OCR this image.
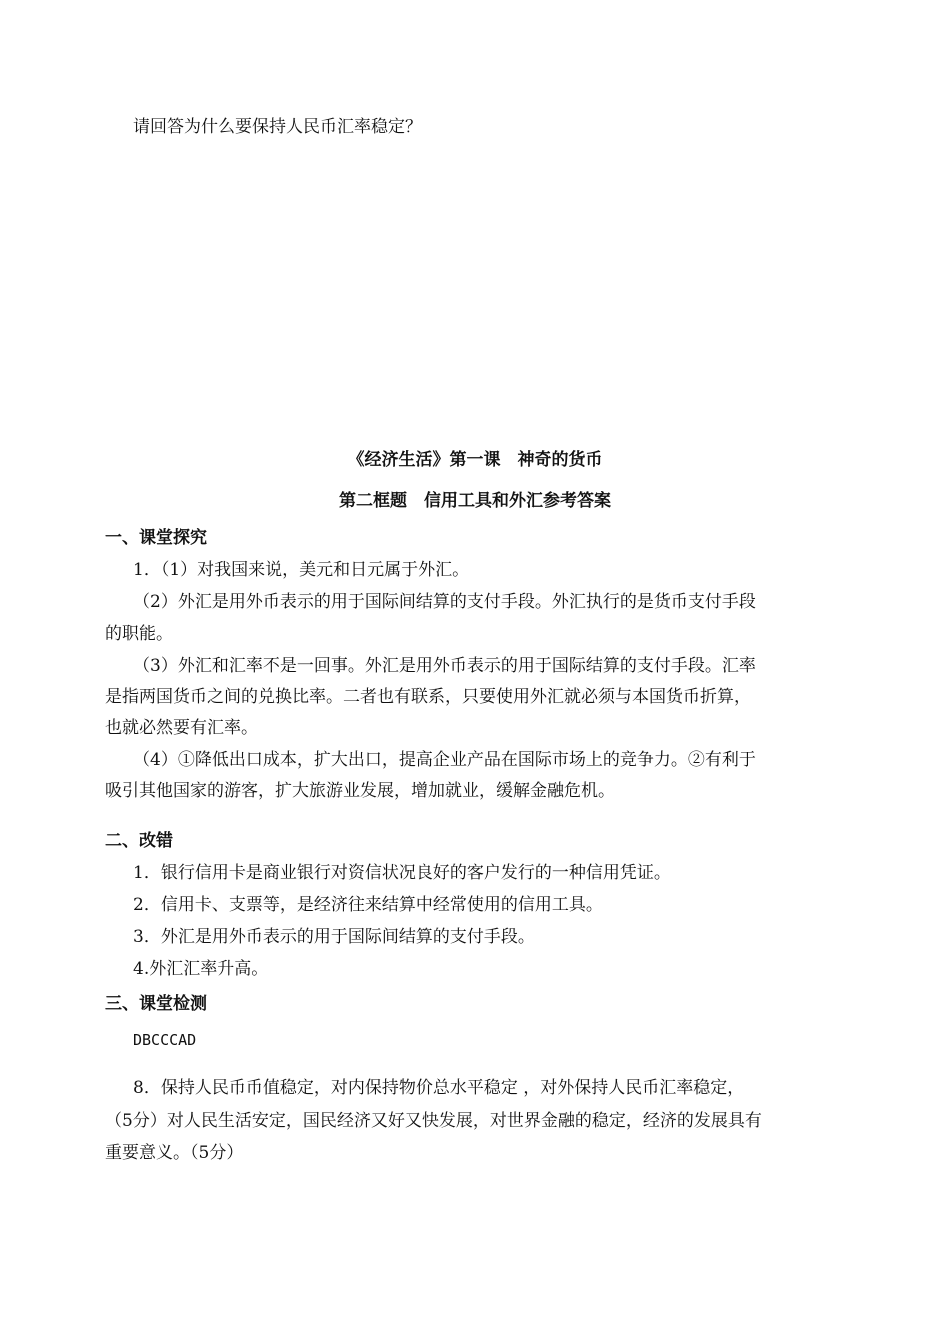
请回答为什么要保持人民币汇率稳定？
《经济生活》第一课　神奇的货币
第二框题　信用工具和外汇参考答案
一、课堂探究
1．（1）对我国来说，美元和日元属于外汇。
（2）外汇是用外币表示的用于国际间结算的支付手段。外汇执行的是货币支付手段
的职能。
（3）外汇和汇率不是一回事。外汇是用外币表示的用于国际结算的支付手段。汇率
是指两国货币之间的兑换比率。二者也有联系，只要使用外汇就必须与本国货币折算，
也就必然要有汇率。
（4）①降低出口成本，扩大出口，提高企业产品在国际市场上的竞争力。②有利于
吸引其他国家的游客，扩大旅游业发展，增加就业，缓解金融危机。
二、改错
1．银行信用卡是商业银行对资信状况良好的客户发行的一种信用凭证。
2．信用卡、支票等，是经济往来结算中经常使用的信用工具。
3．外汇是用外币表示的用于国际间结算的支付手段。
4.外汇汇率升高。
三、课堂检测
DBCCCAD
8．保持人民币币值稳定，对内保持物价总水平稳定 ，对外保持人民币汇率稳定，
（5分）对人民生活安定，国民经济又好又快发展，对世界金融的稳定，经济的发展具有
重要意义。（5分）
